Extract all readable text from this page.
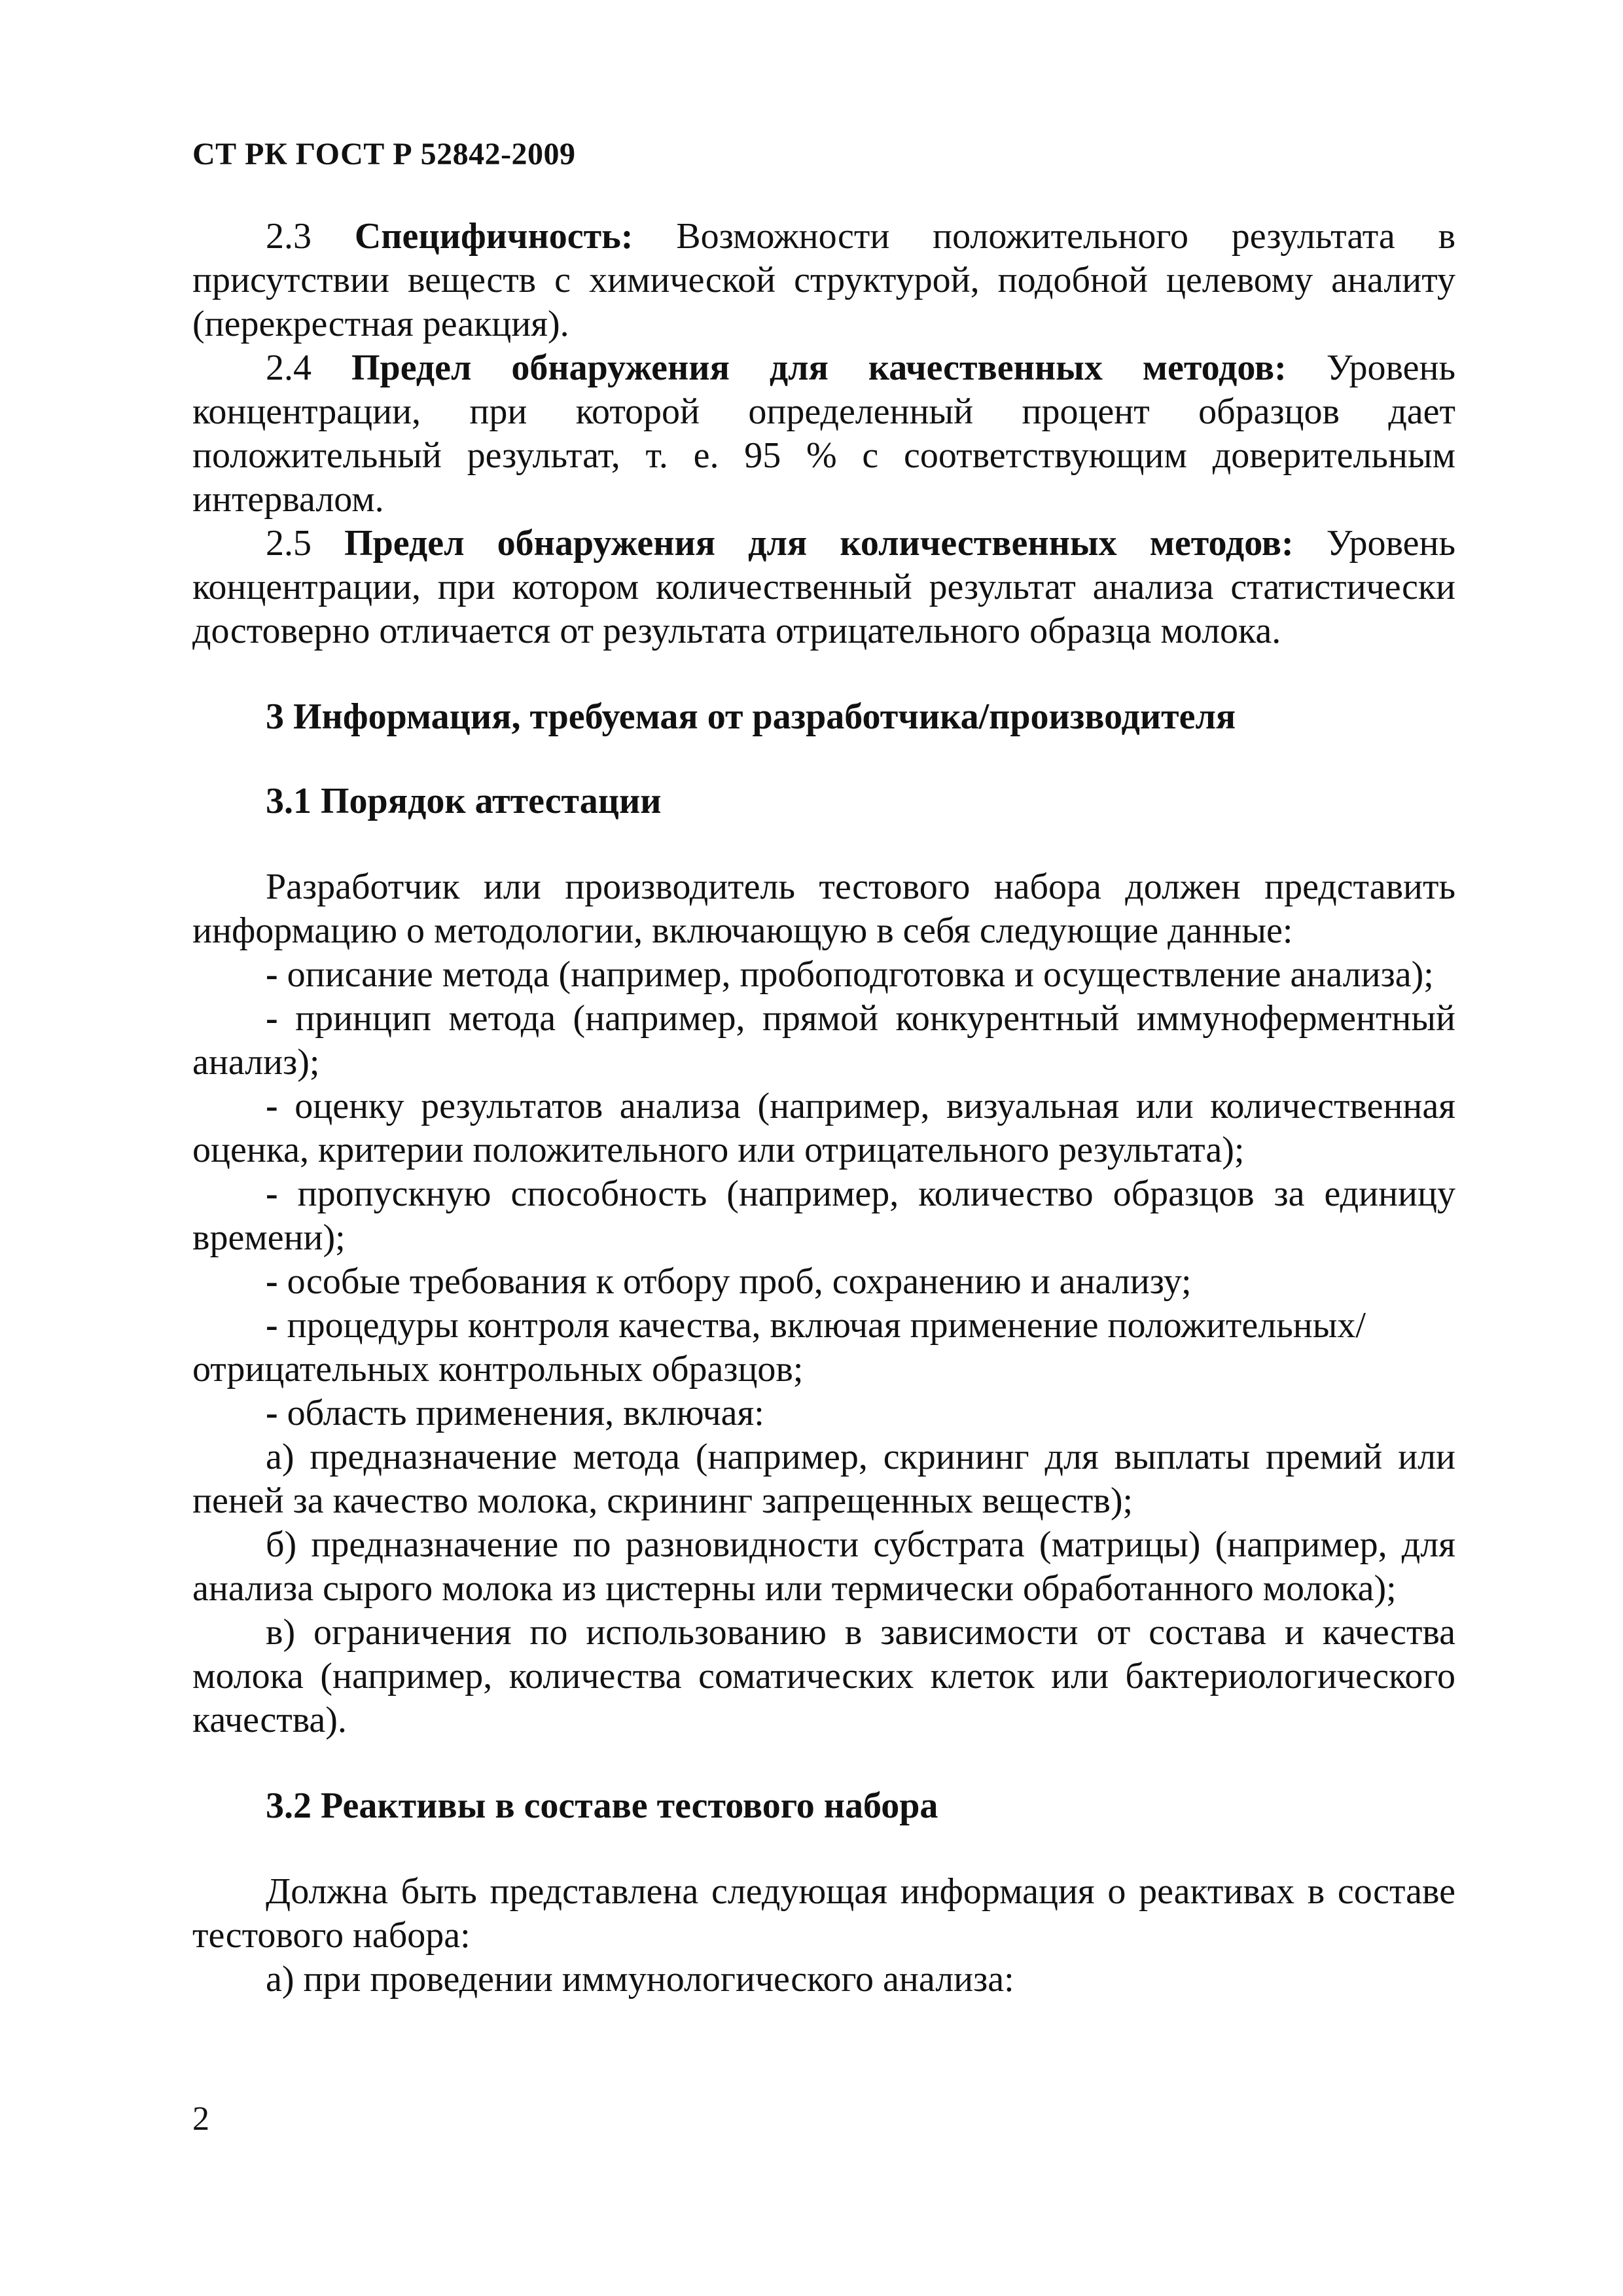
СТ РК ГОСТ Р 52842-2009

2.3 Специфичность: Возможности положительного результата в присутствии веществ с химической структурой, подобной целевому аналиту (перекрестная реакция).

2.4 Предел обнаружения для качественных методов: Уровень концентрации, при которой определенный процент образцов дает положительный результат, т. е. 95 % с соответствующим доверительным интервалом.

2.5 Предел обнаружения для количественных методов: Уровень концентрации, при котором количественный результат анализа статистически достоверно отличается от результата отрицательного образца молока.

3 Информация, требуемая от разработчика/производителя

3.1 Порядок аттестации

Разработчик или производитель тестового набора должен представить информацию о методологии, включающую в себя следующие данные:

- описание метода (например, пробоподготовка и осуществление анализа);

- принцип метода (например, прямой конкурентный иммуноферментный анализ);

- оценку результатов анализа (например, визуальная или количественная оценка, критерии положительного или отрицательного результата);

- пропускную способность (например, количество образцов за единицу времени);

- особые требования к отбору проб, сохранению и анализу;

- процедуры контроля качества, включая применение положительных/отрицательных контрольных образцов;

- область применения, включая:

а) предназначение метода (например, скрининг для выплаты премий или пеней за качество молока, скрининг запрещенных веществ);

б) предназначение по разновидности субстрата (матрицы) (например, для анализа сырого молока из цистерны или термически обработанного молока);

в) ограничения по использованию в зависимости от состава и качества молока (например, количества соматических клеток или бактериологического качества).

3.2 Реактивы в составе тестового набора

Должна быть представлена следующая информация о реактивах в составе тестового набора:

а) при проведении иммунологического анализа:

2
